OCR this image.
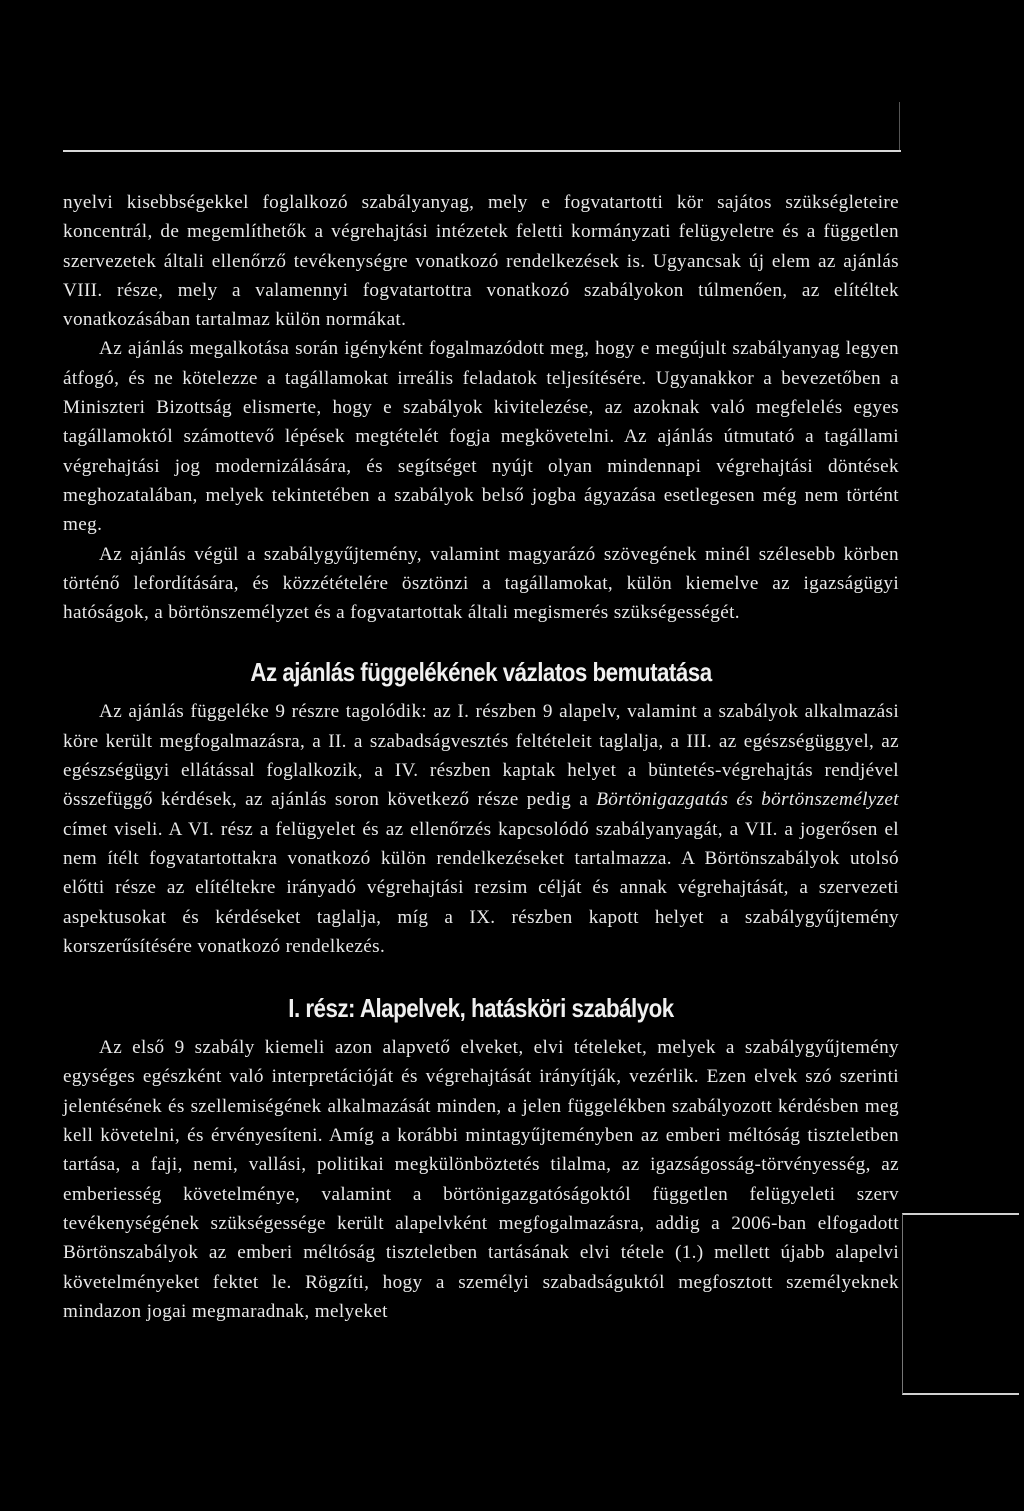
nyelvi kisebbségekkel foglalkozó szabályanyag, mely e fogvatartotti kör sajátos szükségleteire koncentrál, de megemlíthetők a végrehajtási intézetek feletti kormányzati felügyeletre és a független szervezetek általi ellenőrző tevékenységre vonatkozó rendelkezések is. Ugyancsak új elem az ajánlás VIII. része, mely a valamennyi fogvatartottra vonatkozó szabályokon túlmenően, az elítéltek vonatkozásában tartalmaz külön normákat.

Az ajánlás megalkotása során igényként fogalmazódott meg, hogy e megújult szabályanyag legyen átfogó, és ne kötelezze a tagállamokat irreális feladatok teljesítésére. Ugyanakkor a bevezetőben a Miniszteri Bizottság elismerte, hogy e szabályok kivitelezése, az azoknak való megfelelés egyes tagállamoktól számottevő lépések megtételét fogja megkövetelni. Az ajánlás útmutató a tagállami végrehajtási jog modernizálására, és segítséget nyújt olyan mindennapi végrehajtási döntések meghozatalában, melyek tekintetében a szabályok belső jogba ágyazása esetlegesen még nem történt meg.

Az ajánlás végül a szabálygyűjtemény, valamint magyarázó szövegének minél szélesebb körben történő lefordítására, és közzétételére ösztönzi a tagállamokat, külön kiemelve az igazságügyi hatóságok, a börtönszemélyzet és a fogvatartottak általi megismerés szükségességét.

Az ajánlás függelékének vázlatos bemutatása

Az ajánlás függeléke 9 részre tagolódik: az I. részben 9 alapelv, valamint a szabályok alkalmazási köre került megfogalmazásra, a II. a szabadságvesztés feltételeit taglalja, a III. az egészségüggyel, az egészségügyi ellátással foglalkozik, a IV. részben kaptak helyet a büntetés-végrehajtás rendjével összefüggő kérdések, az ajánlás soron következő része pedig a Börtönigazgatás és börtönszemélyzet címet viseli. A VI. rész a felügyelet és az ellenőrzés kapcsolódó szabályanyagát, a VII. a jogerősen el nem ítélt fogvatartottakra vonatkozó külön rendelkezéseket tartalmazza. A Börtönszabályok utolsó előtti része az elítéltekre irányadó végrehajtási rezsim célját és annak végrehajtását, a szervezeti aspektusokat és kérdéseket taglalja, míg a IX. részben kapott helyet a szabálygyűjtemény korszerűsítésére vonatkozó rendelkezés.

I. rész: Alapelvek, hatásköri szabályok

Az első 9 szabály kiemeli azon alapvető elveket, elvi tételeket, melyek a szabálygyűjtemény egységes egészként való interpretációját és végrehajtását irányítják, vezérlik. Ezen elvek szó szerinti jelentésének és szellemiségének alkalmazását minden, a jelen függelékben szabályozott kérdésben meg kell követelni, és érvényesíteni. Amíg a korábbi mintagyűjteményben az emberi méltóság tiszteletben tartása, a faji, nemi, vallási, politikai megkülönböztetés tilalma, az igazságosság-törvényesség, az emberiesség követelménye, valamint a börtönigazgatóságoktól független felügyeleti szerv tevékenységének szükségessége került alapelvként megfogalmazásra, addig a 2006-ban elfogadott Börtönszabályok az emberi méltóság tiszteletben tartásának elvi tétele (1.) mellett újabb alapelvi követelményeket fektet le. Rögzíti, hogy a személyi szabadságuktól megfosztott személyeknek mindazon jogai megmaradnak, melyeket
